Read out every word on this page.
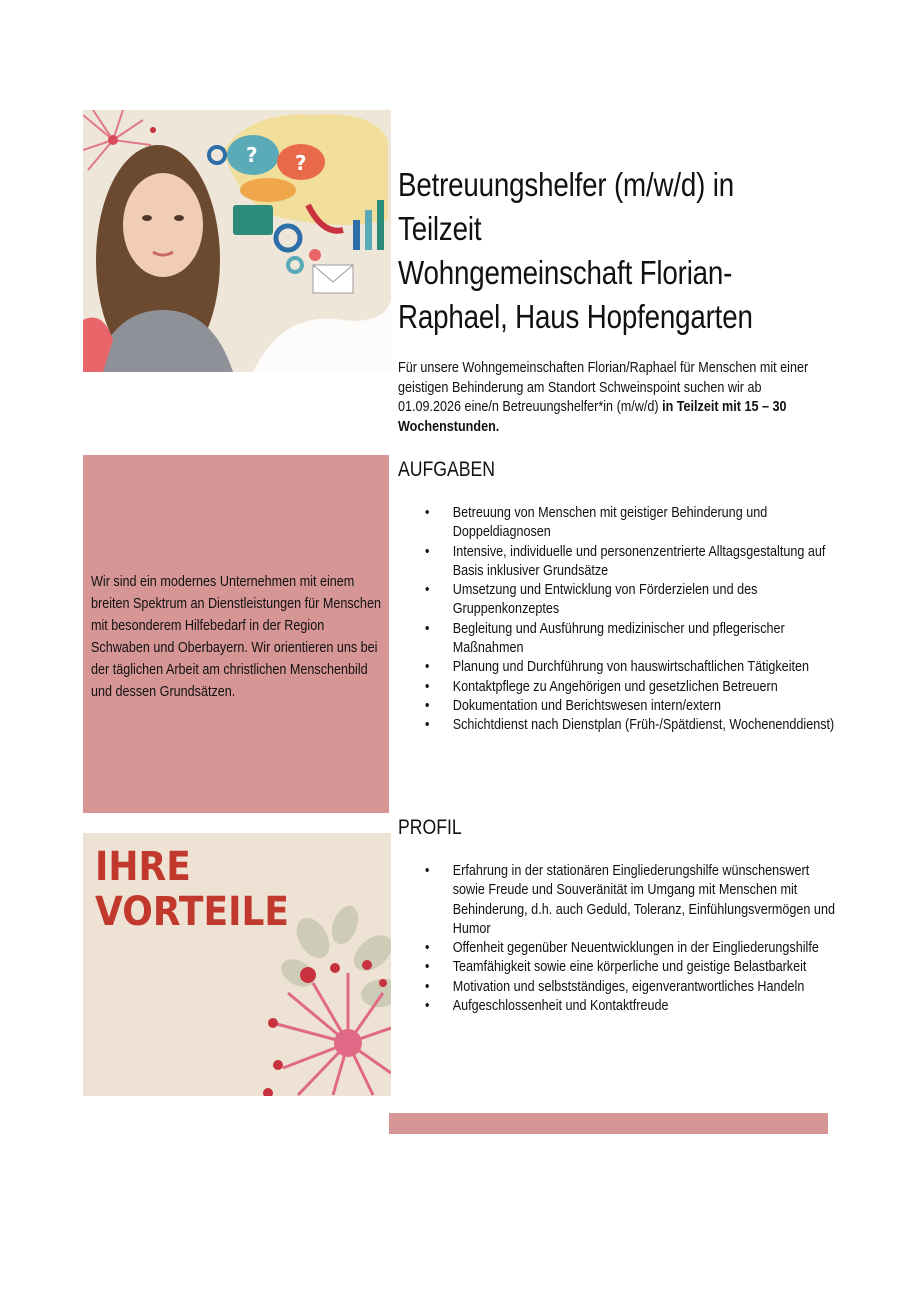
? ?
Betreuungshelfer (m/w/d) in
Teilzeit
Wohngemeinschaft Florian-
Raphael, Haus Hopfengarten

Für unsere Wohngemeinschaften Florian/Raphael für Menschen mit einer geistigen Behinderung am Standort Schweinspoint suchen wir ab 01.09.2026 eine/n Betreuungshelfer*in (m/w/d) in Teilzeit mit 15 – 30 Wochenstunden.

Wir sind ein modernes Unternehmen mit einem breiten Spektrum an Dienstleistungen für Menschen mit besonderem Hilfebedarf in der Region Schwaben und Oberbayern. Wir orientieren uns bei der täglichen Arbeit am christlichen Menschenbild und dessen Grundsätzen.

AUFGABEN
• Betreuung von Menschen mit geistiger Behinderung und Doppeldiagnosen
• Intensive, individuelle und personenzentrierte Alltagsgestaltung auf Basis inklusiver Grundsätze
• Umsetzung und Entwicklung von Förderzielen und des Gruppenkonzeptes
• Begleitung und Ausführung medizinischer und pflegerischer Maßnahmen
• Planung und Durchführung von hauswirtschaftlichen Tätigkeiten
• Kontaktpflege zu Angehörigen und gesetzlichen Betreuern
• Dokumentation und Berichtswesen intern/extern
• Schichtdienst nach Dienstplan (Früh-/Spätdienst, Wochenenddienst)
PROFIL
• Erfahrung in der stationären Eingliederungshilfe wünschenswert sowie Freude und Souveränität im Umgang mit Menschen mit Behinderung, d.h. auch Geduld, Toleranz, Einfühlungsvermögen und Humor
• Offenheit gegenüber Neuentwicklungen in der Eingliederungshilfe
• Teamfähigkeit sowie eine körperliche und geistige Belastbarkeit
• Motivation und selbstständiges, eigenverantwortliches Handeln
• Aufgeschlossenheit und Kontaktfreude
IHRE
VORTEILE
